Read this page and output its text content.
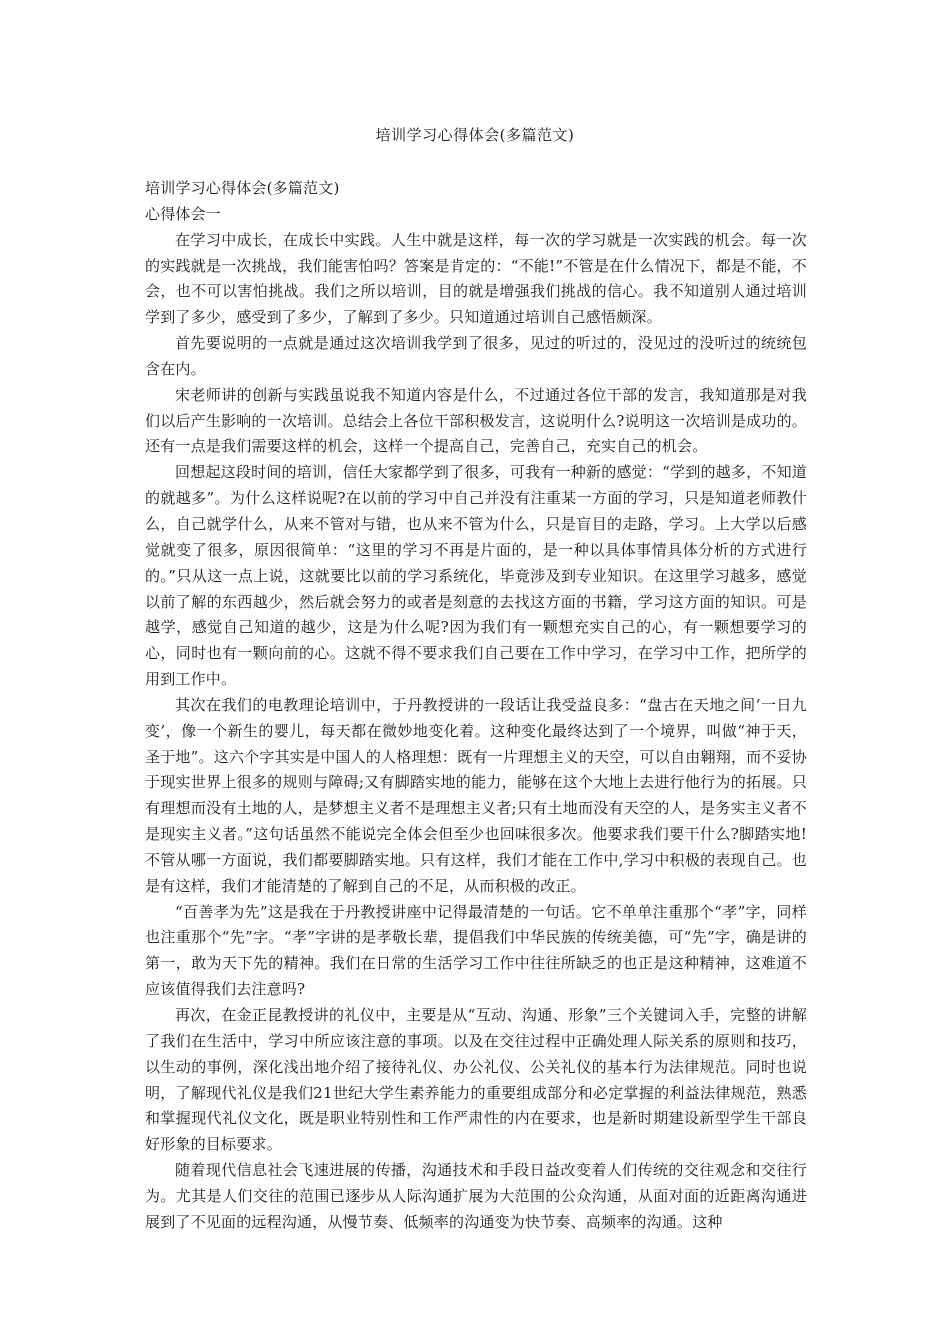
培训学习心得体会(多篇范文)

培训学习心得体会(多篇范文)

心得体会一

在学习中成长，在成长中实践。人生中就是这样，每一次的学习就是一次实践的机会。每一次的实践就是一次挑战，我们能害怕吗？答案是肯定的：“不能!”不管是在什么情况下，都是不能，不会，也不可以害怕挑战。我们之所以培训，目的就是增强我们挑战的信心。我不知道别人通过培训学到了多少，感受到了多少，了解到了多少。只知道通过培训自己感悟颇深。

首先要说明的一点就是通过这次培训我学到了很多，见过的听过的，没见过的没听过的统统包含在内。

宋老师讲的创新与实践虽说我不知道内容是什么，不过通过各位干部的发言，我知道那是对我们以后产生影响的一次培训。总结会上各位干部积极发言，这说明什么?说明这一次培训是成功的。还有一点是我们需要这样的机会，这样一个提高自己，完善自己，充实自己的机会。

回想起这段时间的培训，信任大家都学到了很多，可我有一种新的感觉：“学到的越多，不知道的就越多”。为什么这样说呢?在以前的学习中自己并没有注重某一方面的学习，只是知道老师教什么，自己就学什么，从来不管对与错，也从来不管为什么，只是盲目的走路，学习。上大学以后感觉就变了很多，原因很简单：“这里的学习不再是片面的，是一种以具体事情具体分析的方式进行的。”只从这一点上说，这就要比以前的学习系统化，毕竟涉及到专业知识。在这里学习越多，感觉以前了解的东西越少，然后就会努力的或者是刻意的去找这方面的书籍，学习这方面的知识。可是越学，感觉自己知道的越少，这是为什么呢?因为我们有一颗想充实自己的心，有一颗想要学习的心，同时也有一颗向前的心。这就不得不要求我们自己要在工作中学习，在学习中工作，把所学的用到工作中。

其次在我们的电教理论培训中，于丹教授讲的一段话让我受益良多：“盘古在天地之间‘一日九变’，像一个新生的婴儿，每天都在微妙地变化着。这种变化最终达到了一个境界，叫做“神于天，圣于地”。这六个字其实是中国人的人格理想：既有一片理想主义的天空，可以自由翱翔，而不妥协于现实世界上很多的规则与障碍;又有脚踏实地的能力，能够在这个大地上去进行他行为的拓展。只有理想而没有土地的人，是梦想主义者不是理想主义者;只有土地而没有天空的人，是务实主义者不是现实主义者。”这句话虽然不能说完全体会但至少也回味很多次。他要求我们要干什么?脚踏实地!不管从哪一方面说，我们都要脚踏实地。只有这样，我们才能在工作中,学习中积极的表现自己。也是有这样，我们才能清楚的了解到自己的不足，从而积极的改正。

“百善孝为先”这是我在于丹教授讲座中记得最清楚的一句话。它不单单注重那个“孝”字，同样也注重那个“先”字。“孝”字讲的是孝敬长辈，提倡我们中华民族的传统美德，可“先”字，确是讲的第一，敢为天下先的精神。我们在日常的生活学习工作中往往所缺乏的也正是这种精神，这难道不应该值得我们去注意吗?

再次，在金正昆教授讲的礼仪中，主要是从“互动、沟通、形象”三个关键词入手，完整的讲解了我们在生活中，学习中所应该注意的事项。以及在交往过程中正确处理人际关系的原则和技巧，以生动的事例，深化浅出地介绍了接待礼仪、办公礼仪、公关礼仪的基本行为法律规范。同时也说明，了解现代礼仪是我们21世纪大学生素养能力的重要组成部分和必定掌握的利益法律规范，熟悉和掌握现代礼仪文化，既是职业特别性和工作严肃性的内在要求，也是新时期建设新型学生干部良好形象的目标要求。

随着现代信息社会飞速进展的传播，沟通技术和手段日益改变着人们传统的交往观念和交往行为。尤其是人们交往的范围已逐步从人际沟通扩展为大范围的公众沟通，从面对面的近距离沟通进展到了不见面的远程沟通，从慢节奏、低频率的沟通变为快节奏、高频率的沟通。这种
